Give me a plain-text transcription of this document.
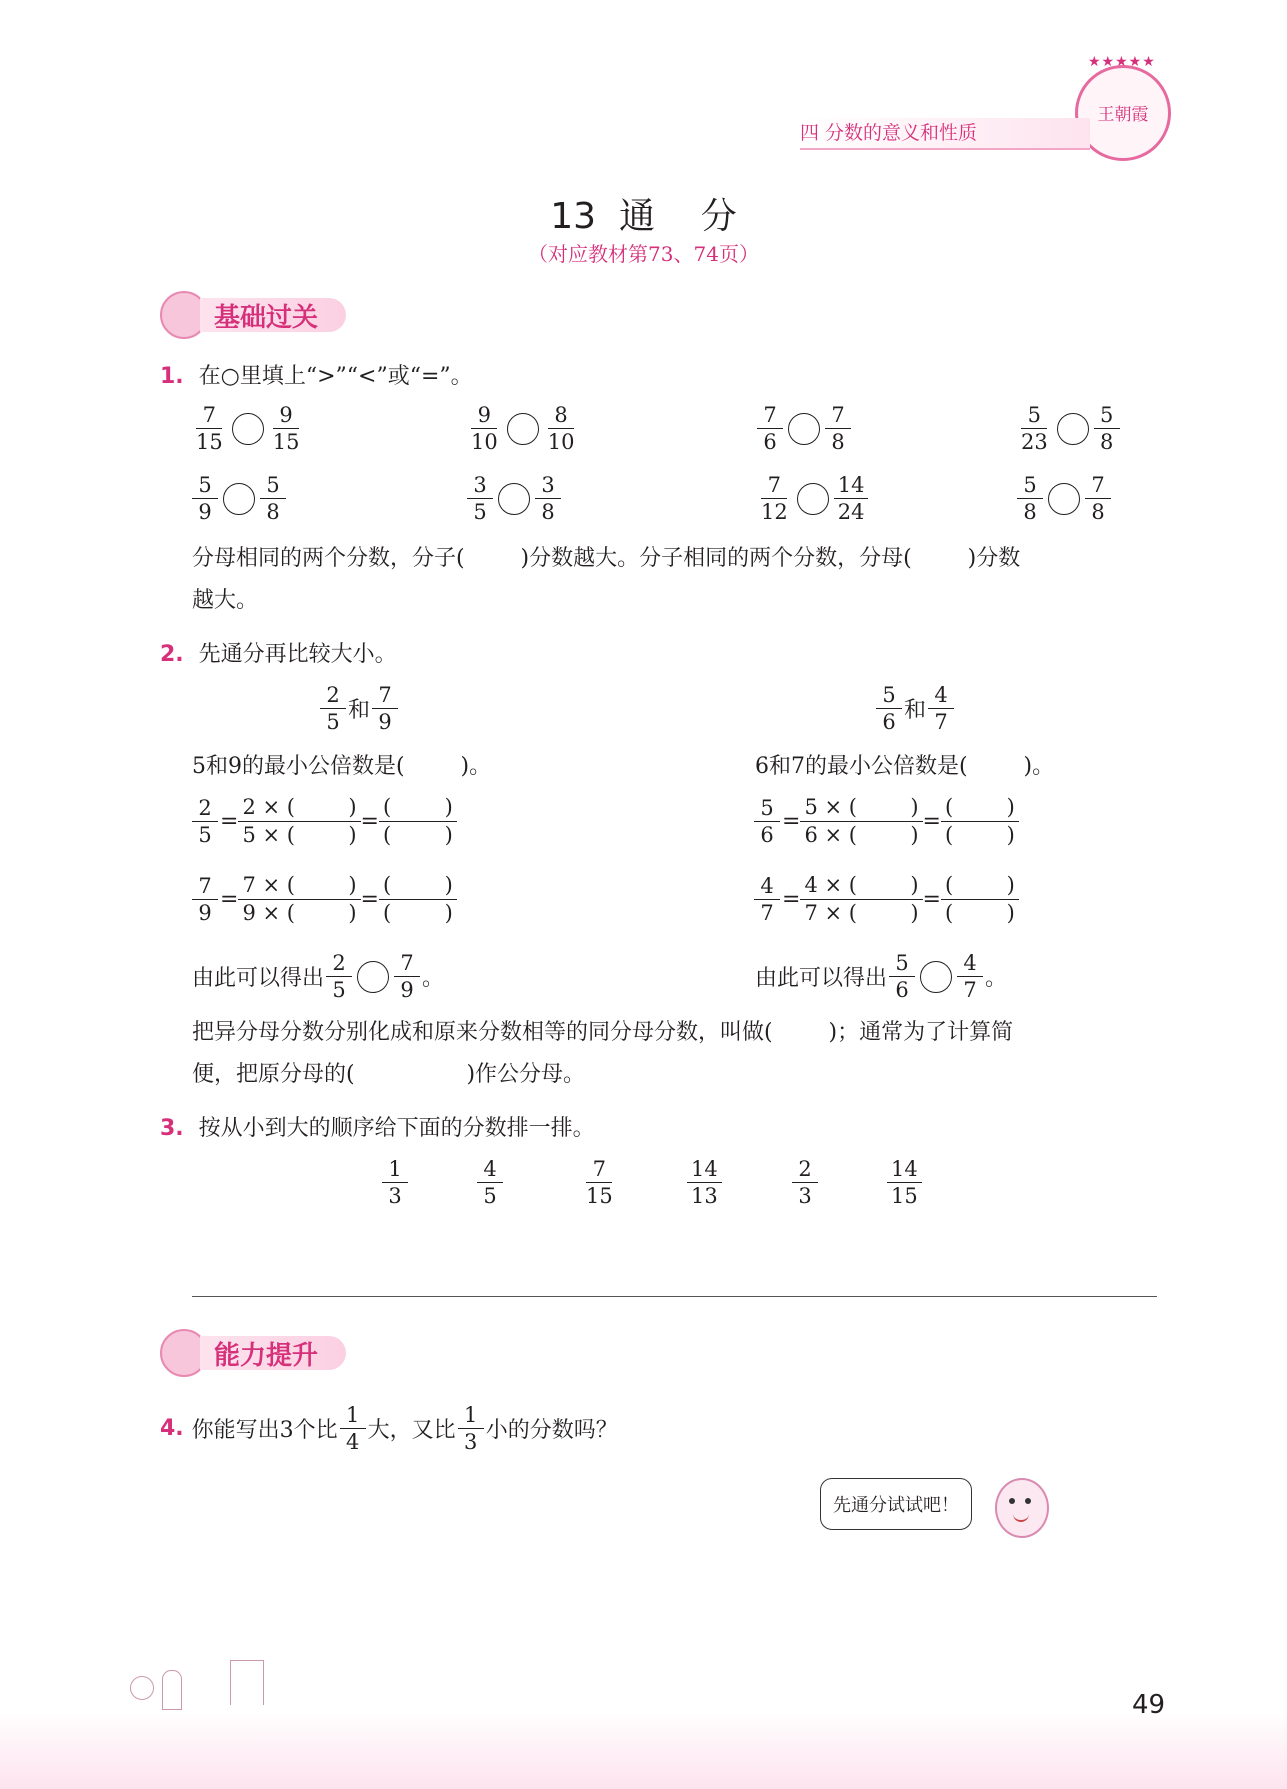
★★★★★
王朝霞
四 分数的意义和性质
13  通    分
（对应教材第73、74页）
基础过关
1. 在○里填上“>”“<”或“=”。
$\frac{7}{15} \frac{9}{15}$	$\frac{9}{10} \frac{8}{10}$	$\frac{7}{6} \frac{7}{8}$	$\frac{5}{23} \frac{5}{8}$
$\frac{5}{9} \frac{5}{8}$	$\frac{3}{5} \frac{3}{8}$	$\frac{7}{12} \frac{14}{24}$	$\frac{5}{8} \frac{7}{8}$
分母相同的两个分数，分子(        )分数越大。分子相同的两个分数，分母(        )分数
越大。
2. 先通分再比较大小。
$\frac{2}{5}$ 和 $\frac{7}{9}$
5和9的最小公倍数是(        )。
$\frac{2}{5} = \frac{2 \times ( )}{5 \times ( )} = \frac{( )}{( )}$
$\frac{7}{9} = \frac{7 \times ( )}{9 \times ( )} = \frac{( )}{( )}$
由此可以得出 $\frac{2}{5} \frac{7}{9}$ 。
$\frac{5}{6}$ 和 $\frac{4}{7}$
6和7的最小公倍数是(        )。
$\frac{5}{6} = \frac{5 \times ( )}{6 \times ( )} = \frac{( )}{( )}$
$\frac{4}{7} = \frac{4 \times ( )}{7 \times ( )} = \frac{( )}{( )}$
由此可以得出 $\frac{5}{6} \frac{4}{7}$ 。
把异分母分数分别化成和原来分数相等的同分母分数，叫做(        )；通常为了计算简
便，把原分母的(                )作公分母。
3. 按从小到大的顺序给下面的分数排一排。
$\frac{1}{3}$	$\frac{4}{5}$	$\frac{7}{15}$	$\frac{14}{13}$	$\frac{2}{3}$	$\frac{14}{15}$
能力提升
4. 你能写出3个比 $\frac{1}{4}$ 大，又比 $\frac{1}{3}$ 小的分数吗？
先通分试试吧！
49
